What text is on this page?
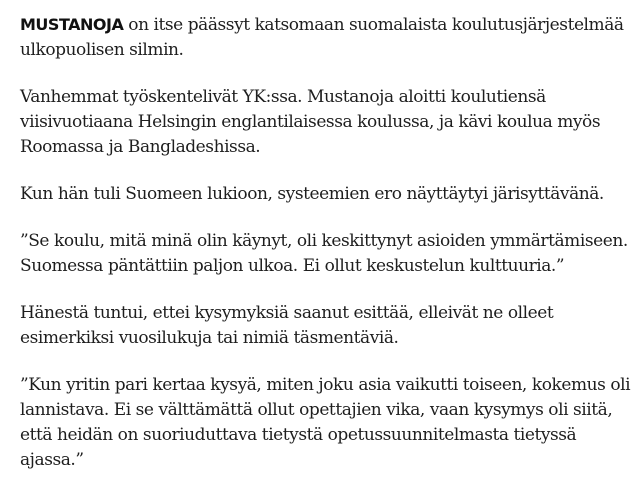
MUSTANOJA on itse päässyt katsomaan suomalaista koulutusjärjestelmää ulkopuolisen silmin.

Vanhemmat työskentelivät YK:ssa. Mustanoja aloitti koulutiensä viisivuotiaana Helsingin englantilaisessa koulussa, ja kävi koulua myös Roomassa ja Bangladeshissa.

Kun hän tuli Suomeen lukioon, systeemien ero näyttäytyi järisyttävänä.

”Se koulu, mitä minä olin käynyt, oli keskittynyt asioiden ymmärtämiseen. Suomessa päntättiin paljon ulkoa. Ei ollut keskustelun kulttuuria.”

Hänestä tuntui, ettei kysymyksiä saanut esittää, elleivät ne olleet esimerkiksi vuosilukuja tai nimiä täsmentäviä.

”Kun yritin pari kertaa kysyä, miten joku asia vaikutti toiseen, kokemus oli lannistava. Ei se välttämättä ollut opettajien vika, vaan kysymys oli siitä, että heidän on suoriuduttava tietystä opetussuunnitelmasta tietyssä ajassa.”
